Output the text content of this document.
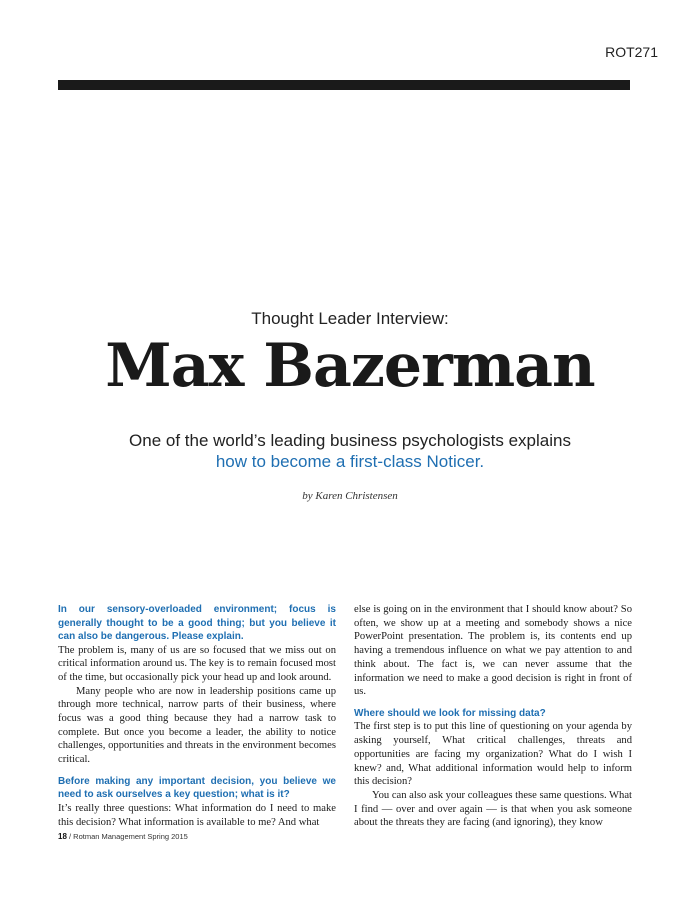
ROT271
Thought Leader Interview:
Max Bazerman
One of the world’s leading business psychologists explains
how to become a first-class Noticer.
by Karen Christensen

In our sensory-overloaded environment; focus is generally thought to be a good thing; but you believe it can also be dangerous. Please explain.

The problem is, many of us are so focused that we miss out on critical information around us. The key is to remain focused most of the time, but occasionally pick your head up and look around.

Many people who are now in leadership positions came up through more technical, narrow parts of their business, where focus was a good thing because they had a narrow task to complete. But once you become a leader, the ability to notice challenges, opportunities and threats in the environment becomes critical.

Before making any important decision, you believe we need to ask ourselves a key question; what is it?

It’s really three questions: What information do I need to make this decision? What information is available to me? And what

else is going on in the environment that I should know about? So often, we show up at a meeting and somebody shows a nice PowerPoint presentation. The problem is, its contents end up having a tremendous influence on what we pay attention to and think about. The fact is, we can never assume that the information we need to make a good decision is right in front of us.

Where should we look for missing data?

The first step is to put this line of questioning on your agenda by asking yourself, What critical challenges, threats and opportunities are facing my organization? What do I wish I knew? and, What additional information would help to inform this decision?

You can also ask your colleagues these same questions. What I find — over and over again — is that when you ask someone about the threats they are facing (and ignoring), they know

18 / Rotman Management Spring 2015
